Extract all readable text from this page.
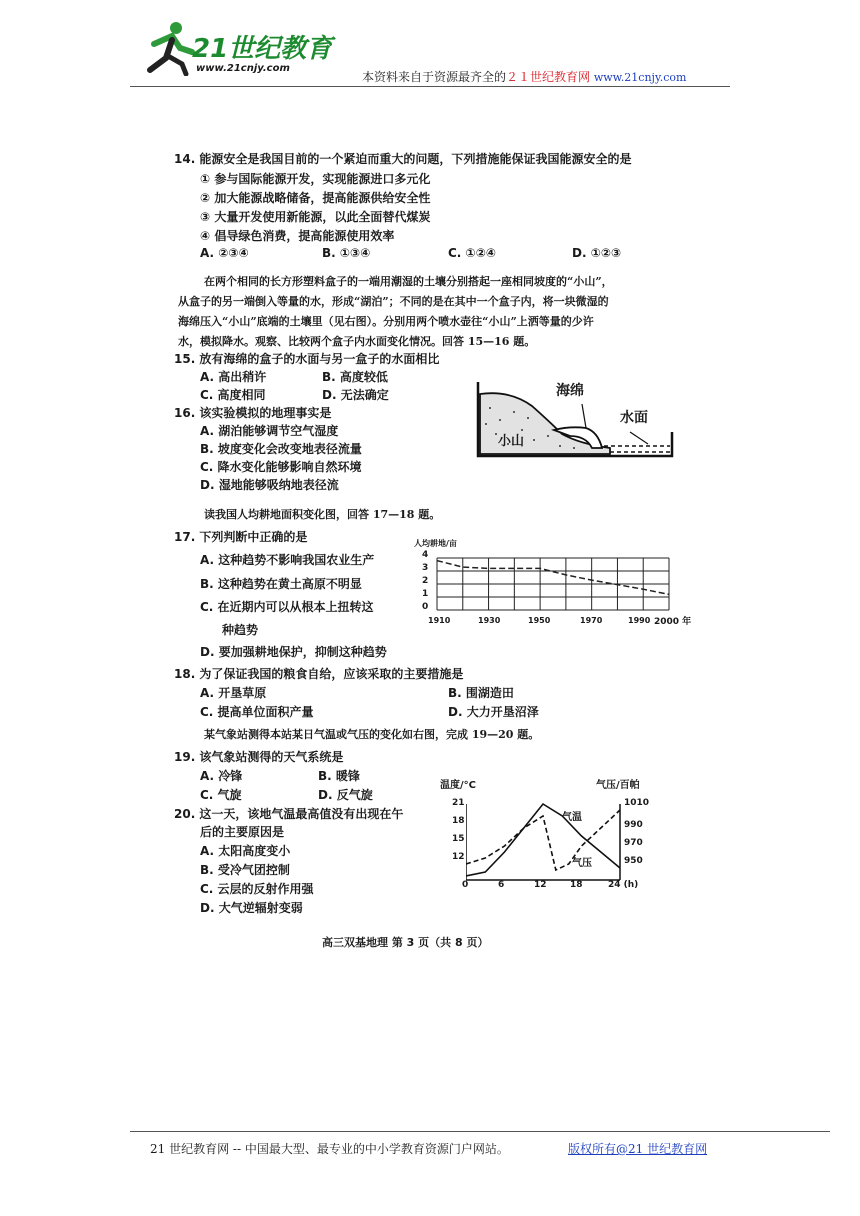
21世纪教育
www.21cnjy.com
本资料来自于资源最齐全的２１世纪教育网 www.21cnjy.com
14. 能源安全是我国目前的一个紧迫而重大的问题，下列措施能保证我国能源安全的是
① 参与国际能源开发，实现能源进口多元化
② 加大能源战略储备，提高能源供给安全性
③ 大量开发使用新能源，以此全面替代煤炭
④ 倡导绿色消费，提高能源使用效率
A. ②③④	B. ①③④	C. ①②④	D. ①②③
在两个相同的长方形塑料盒子的一端用潮湿的土壤分别搭起一座相同坡度的“小山”，
从盒子的另一端倒入等量的水，形成“湖泊”；不同的是在其中一个盒子内，将一块微湿的
海绵压入“小山”底端的土壤里（见右图）。分别用两个喷水壶往“小山”上洒等量的少许
水，模拟降水。观察、比较两个盒子内水面变化情况。回答 15—16 题。
15. 放有海绵的盒子的水面与另一盒子的水面相比
A. 高出稍许	B. 高度较低
C. 高度相同	D. 无法确定
16. 该实验模拟的地理事实是
A. 湖泊能够调节空气湿度
B. 坡度变化会改变地表径流量
C. 降水变化能够影响自然环境
D. 湿地能够吸纳地表径流
海绵
水面
小山
读我国人均耕地面积变化图，回答 17—18 题。
17. 下列判断中正确的是
A. 这种趋势不影响我国农业生产
B. 这种趋势在黄土高原不明显
C. 在近期内可以从根本上扭转这
种趋势
D. 要加强耕地保护，抑制这种趋势
人均耕地/亩
4
3
2
1
0
1910	1930	1950	1970	1990 2000 年
18. 为了保证我国的粮食自给，应该采取的主要措施是
A. 开垦草原	B. 围湖造田
C. 提高单位面积产量	D. 大力开垦沼泽
某气象站测得本站某日气温或气压的变化如右图，完成 19—20 题。
19. 该气象站测得的天气系统是
A. 冷锋	B. 暖锋
C. 气旋	D. 反气旋
20. 这一天，该地气温最高值没有出现在午
后的主要原因是
A. 太阳高度变小
B. 受冷气团控制
C. 云层的反射作用强
D. 大气逆辐射变弱
温度/°C	气压/百帕
21
18
15
12
1010
990
970
950
气温
气压
0	6	12	18	24 (h)
高三双基地理 第 3 页（共 8 页）
21 世纪教育网 -- 中国最大型、最专业的中小学教育资源门户网站。	版权所有@21 世纪教育网
